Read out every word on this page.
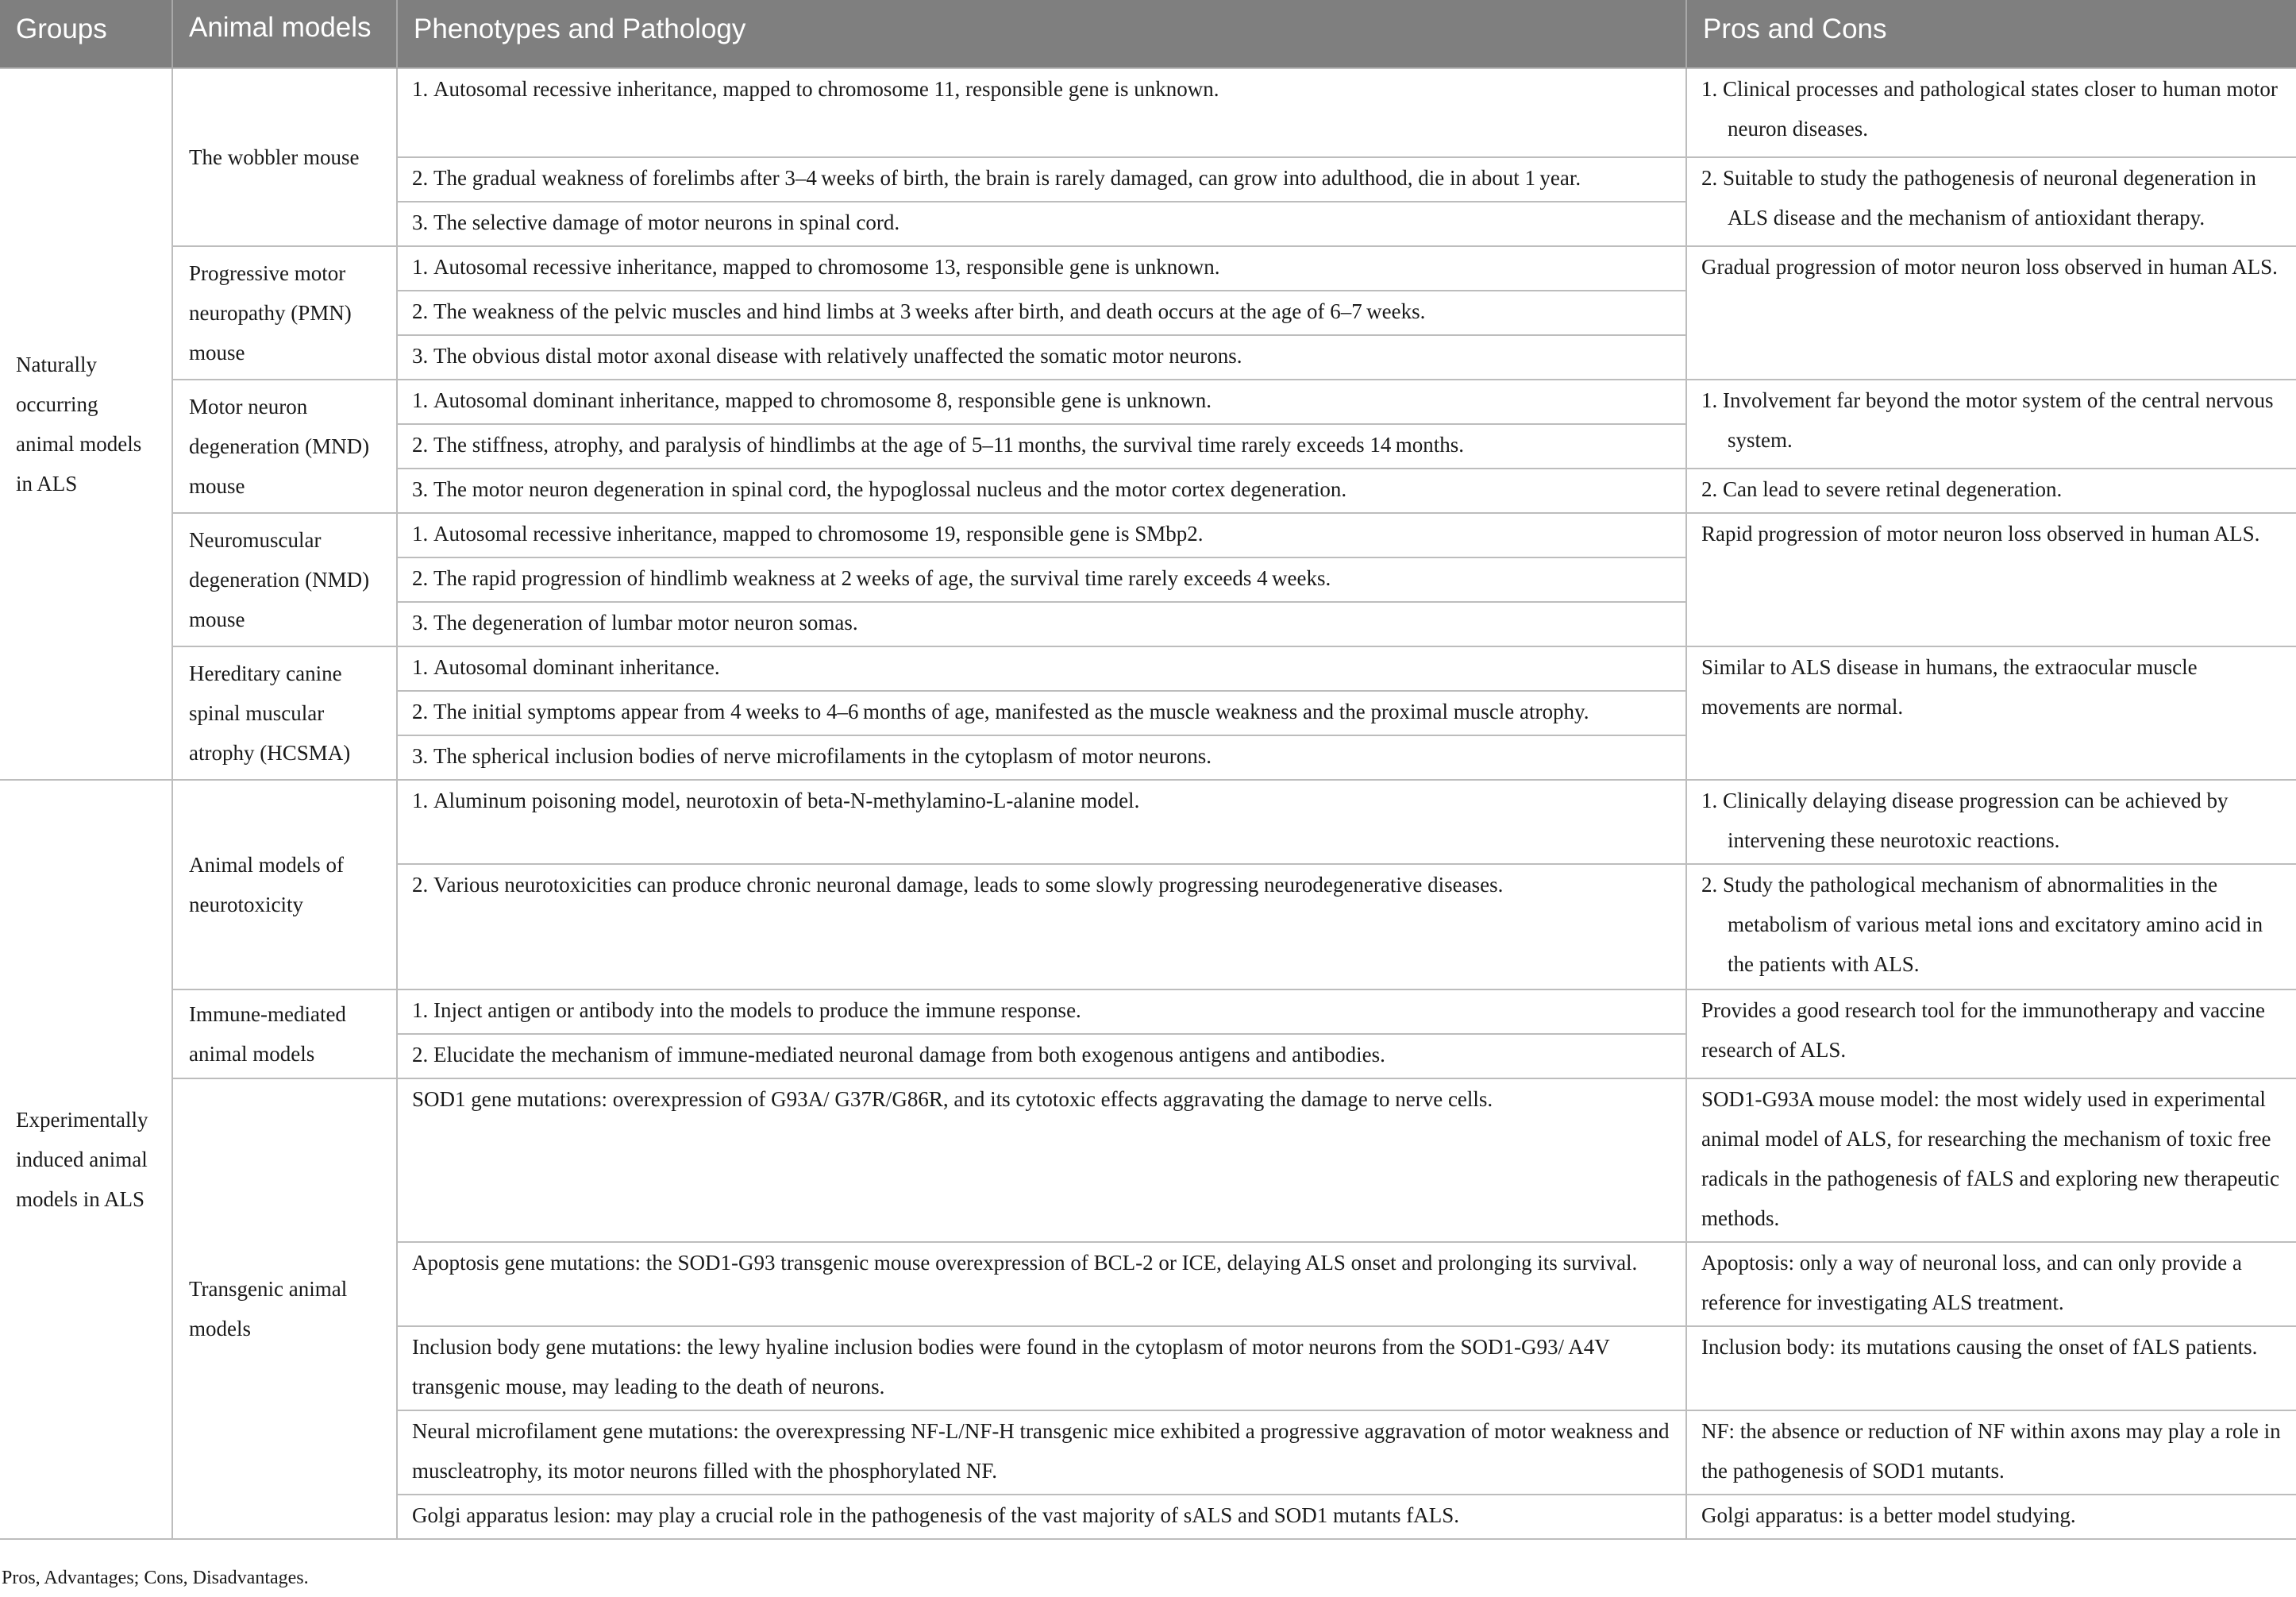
Groups	Animal models	Phenotypes and Pathology	Pros and Cons
Naturally occurring animal models in ALS	The wobbler mouse	1. Autosomal recessive inheritance, mapped to chromosome 11, responsible gene is unknown.	1. Clinical processes and pathological states closer to human motor neuron diseases.

		2. The gradual weakness of forelimbs after 3–4 weeks of birth, the brain is rarely damaged, can grow into adulthood, die in about 1 year.	2. Suitable to study the pathogenesis of neuronal degeneration in ALS disease and the mechanism of antioxidant therapy.

		3. The selective damage of motor neurons in spinal cord.	
	Progressive motor neuropathy (PMN) mouse	1. Autosomal recessive inheritance, mapped to chromosome 13, responsible gene is unknown.	Gradual progression of motor neuron loss observed in human ALS.
		2. The weakness of the pelvic muscles and hind limbs at 3 weeks after birth, and death occurs at the age of 6–7 weeks.	
		3. The obvious distal motor axonal disease with relatively unaffected the somatic motor neurons.	
	Motor neuron degeneration (MND) mouse	1. Autosomal dominant inheritance, mapped to chromosome 8, responsible gene is unknown.	1. Involvement far beyond the motor system of the central nervous system.

		2. The stiffness, atrophy, and paralysis of hindlimbs at the age of 5–11 months, the survival time rarely exceeds 14 months.	
		3. The motor neuron degeneration in spinal cord, the hypoglossal nucleus and the motor cortex degeneration.	2. Can lead to severe retinal degeneration.

	Neuromuscular degeneration (NMD) mouse	1. Autosomal recessive inheritance, mapped to chromosome 19, responsible gene is SMbp2.	Rapid progression of motor neuron loss observed in human ALS.
		2. The rapid progression of hindlimb weakness at 2 weeks of age, the survival time rarely exceeds 4 weeks.	
		3. The degeneration of lumbar motor neuron somas.	
	Hereditary canine spinal muscular atrophy (HCSMA)	1. Autosomal dominant inheritance.	Similar to ALS disease in humans, the extraocular muscle movements are normal.
		2. The initial symptoms appear from 4 weeks to 4–6 months of age, manifested as the muscle weakness and the proximal muscle atrophy.	
		3. The spherical inclusion bodies of nerve microfilaments in the cytoplasm of motor neurons.	
Experimentally induced animal models in ALS	Animal models of neurotoxicity	1. Aluminum poisoning model, neurotoxin of beta-N-methylamino-L-alanine model.	1. Clinically delaying disease progression can be achieved by intervening these neurotoxic reactions.

		2. Various neurotoxicities can produce chronic neuronal damage, leads to some slowly progressing neurodegenerative diseases.	2. Study the pathological mechanism of abnormalities in the metabolism of various metal ions and excitatory amino acid in the patients with ALS.

	Immune-mediated animal models	1. Inject antigen or antibody into the models to produce the immune response.	Provides a good research tool for the immunotherapy and vaccine research of ALS.
		2. Elucidate the mechanism of immune-mediated neuronal damage from both exogenous antigens and antibodies.	
	Transgenic animal models	SOD1 gene mutations: overexpression of G93A/ G37R/G86R, and its cytotoxic effects aggravating the damage to nerve cells.	SOD1-G93A mouse model: the most widely used in experimental animal model of ALS, for researching the mechanism of toxic free radicals in the pathogenesis of fALS and exploring new therapeutic methods.
		Apoptosis gene mutations: the SOD1-G93 transgenic mouse overexpression of BCL-2 or ICE, delaying ALS onset and prolonging its survival.	Apoptosis: only a way of neuronal loss, and can only provide a reference for investigating ALS treatment.
		Inclusion body gene mutations: the lewy hyaline inclusion bodies were found in the cytoplasm of motor neurons from the SOD1-G93/ A4V transgenic mouse, may leading to the death of neurons.	Inclusion body: its mutations causing the onset of fALS patients.
		Neural microfilament gene mutations: the overexpressing NF-L/NF-H transgenic mice exhibited a progressive aggravation of motor weakness and muscleatrophy, its motor neurons filled with the phosphorylated NF.	NF: the absence or reduction of NF within axons may play a role in the pathogenesis of SOD1 mutants.
		Golgi apparatus lesion: may play a crucial role in the pathogenesis of the vast majority of sALS and SOD1 mutants fALS.	Golgi apparatus: is a better model studying.
Pros, Advantages; Cons, Disadvantages.
